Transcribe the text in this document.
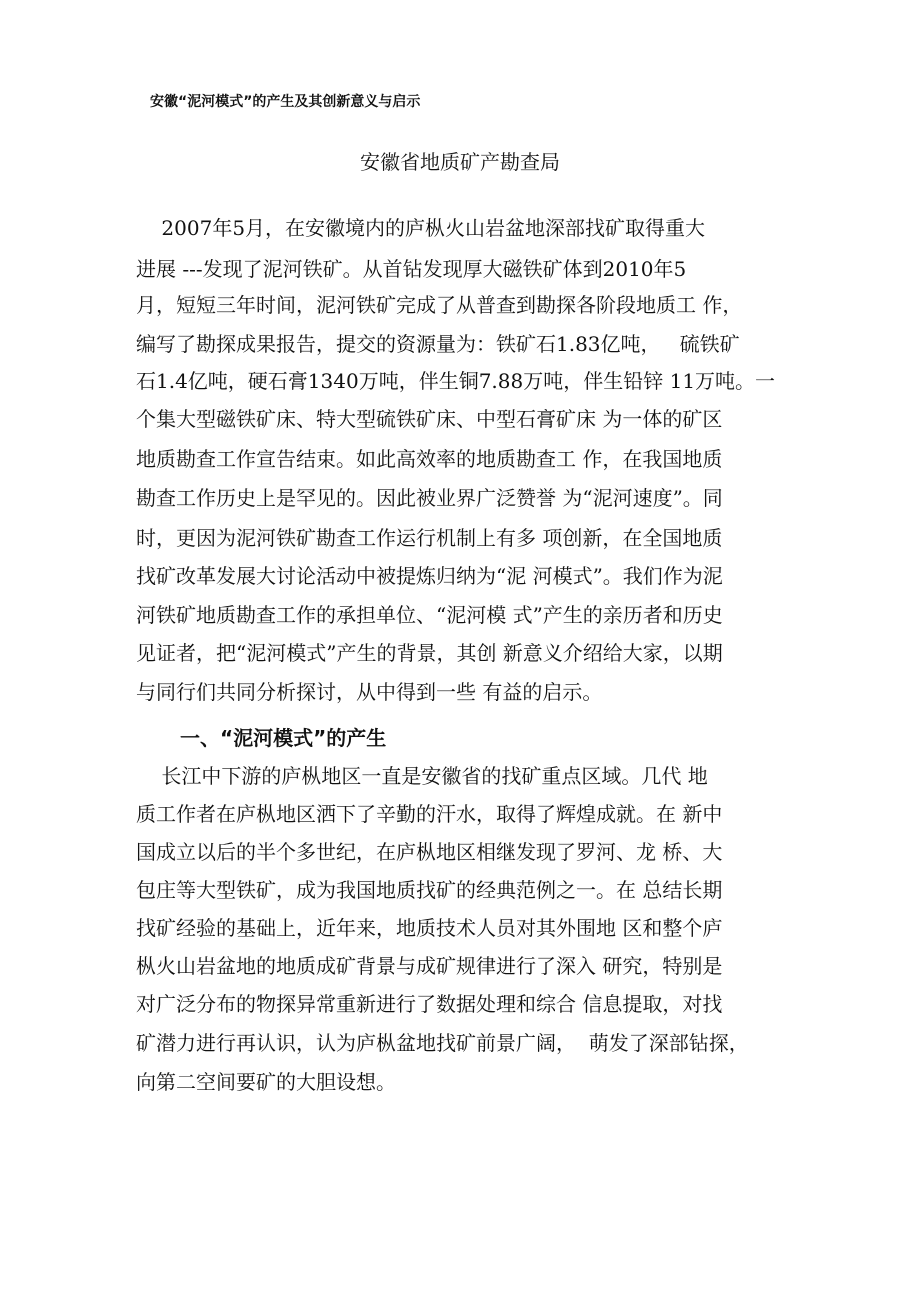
安徽“泥河模式”的产生及其创新意义与启示
安徽省地质矿产勘查局
2007年5月，在安徽境内的庐枞火山岩盆地深部找矿取得重大
进展 ---发现了泥河铁矿。从首钻发现厚大磁铁矿体到2010年5
月，短短三年时间，泥河铁矿完成了从普查到勘探各阶段地质工 作，
编写了勘探成果报告，提交的资源量为：铁矿石1.83亿吨，   硫铁矿
石1.4亿吨，硬石膏1340万吨，伴生铜7.88万吨，伴生铅锌 11万吨。一
个集大型磁铁矿床、特大型硫铁矿床、中型石膏矿床 为一体的矿区
地质勘查工作宣告结束。如此高效率的地质勘查工 作，在我国地质
勘查工作历史上是罕见的。因此被业界广泛赞誉 为“泥河速度”。同
时，更因为泥河铁矿勘查工作运行机制上有多 项创新，在全国地质
找矿改革发展大讨论活动中被提炼归纳为“泥 河模式”。我们作为泥
河铁矿地质勘查工作的承担单位、“泥河模 式”产生的亲历者和历史
见证者，把“泥河模式”产生的背景，其创 新意义介绍给大家，以期
与同行们共同分析探讨，从中得到一些 有益的启示。
一、“泥河模式”的产生
长江中下游的庐枞地区一直是安徽省的找矿重点区域。几代 地
质工作者在庐枞地区洒下了辛勤的汗水，取得了辉煌成就。在 新中
国成立以后的半个多世纪，在庐枞地区相继发现了罗河、龙 桥、大
包庄等大型铁矿，成为我国地质找矿的经典范例之一。在 总结长期
找矿经验的基础上，近年来，地质技术人员对其外围地 区和整个庐
枞火山岩盆地的地质成矿背景与成矿规律进行了深入 研究，特别是
对广泛分布的物探异常重新进行了数据处理和综合 信息提取，对找
矿潜力进行再认识，认为庐枞盆地找矿前景广阔，  萌发了深部钻探，
向第二空间要矿的大胆设想。
